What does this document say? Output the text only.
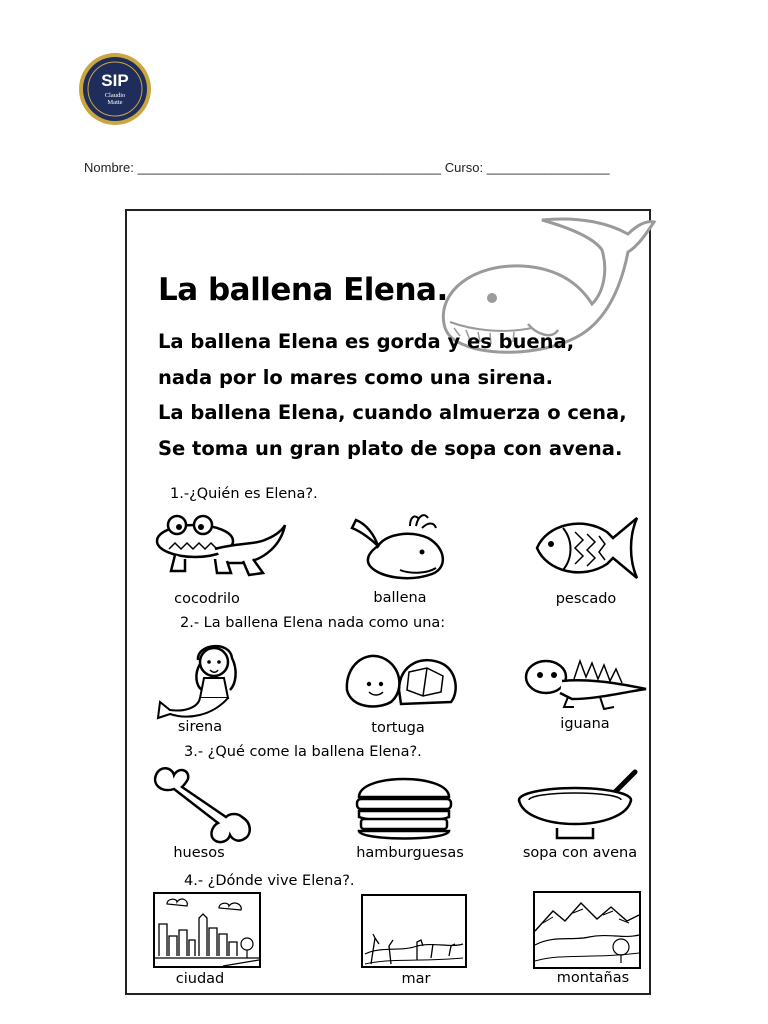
SIP
Claudio
Matte
Nombre: __________________________________________ Curso: _________________
La ballena Elena.
La ballena Elena es gorda y es buena,
nada por lo mares como una sirena.
La ballena Elena, cuando almuerza o cena,
Se toma un gran plato de sopa con avena.
1.-¿Quién es Elena?.
cocodrilo	ballena	pescado
2.- La ballena Elena nada como una:
sirena	tortuga	iguana
3.- ¿Qué come la ballena Elena?.
huesos	hamburguesas	sopa con avena
4.- ¿Dónde vive Elena?.
ciudad	mar	montañas
